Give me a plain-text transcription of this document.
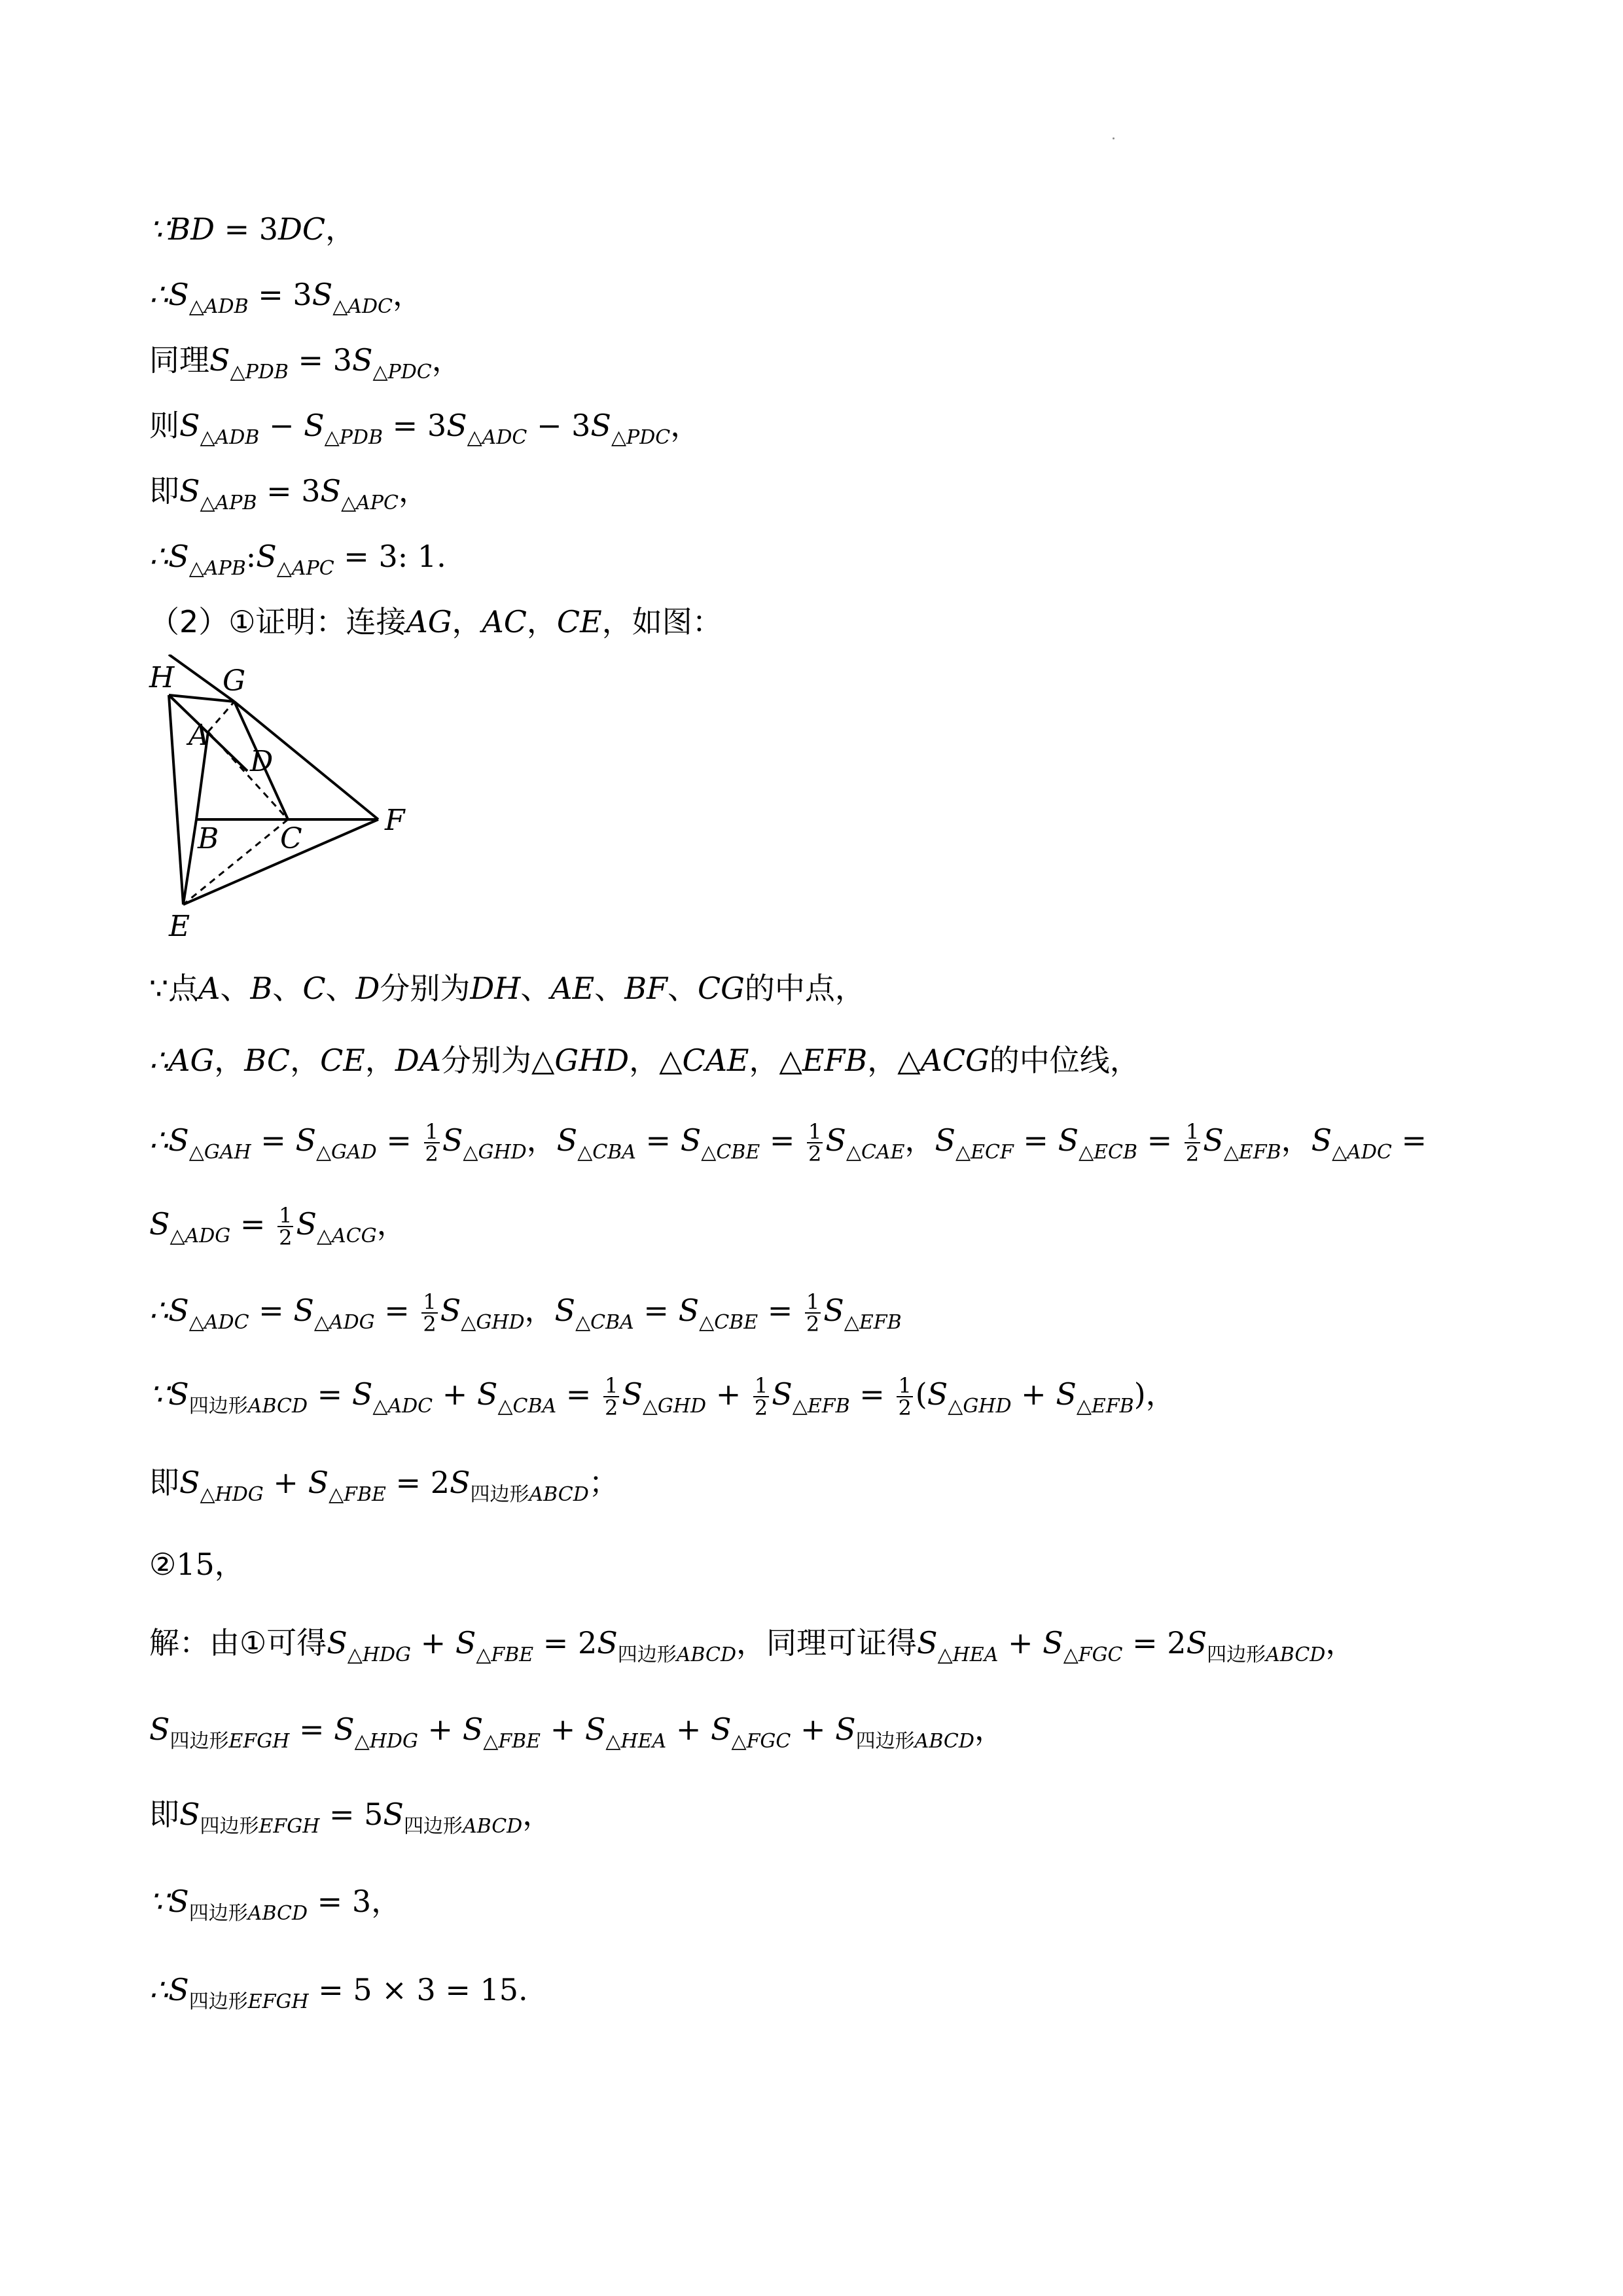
∵BD = 3DC，
$\therefore S_{\triangle ADB} = 3S_{\triangle ADC}$，
同理$S_{\triangle PDB} = 3S_{\triangle PDC}$，
则$S_{\triangle ADB} - S_{\triangle PDB} = 3S_{\triangle ADC} - 3S_{\triangle PDC}$，
即$S_{\triangle APB} = 3S_{\triangle APC}$，
$\therefore S_{\triangle APB}:S_{\triangle APC} = 3$: 1.
（2）①证明：连接AG，AC，CE，如图：
H G
A
D
B C
F
E
∵点A、B、C、D分别为DH、AE、BF、CG的中点，
∴AG，BC，CE，DA分别为△GHD，△CAE，△EFB，△ACG的中位线，
$\therefore S_{\triangle GAH} = S_{\triangle GAD} = \frac{1}{2} S_{\triangle GHD}$，$S_{\triangle CBA} = S_{\triangle CBE} = \frac{1}{2} S_{\triangle CAE}$，$S_{\triangle ECF} = S_{\triangle ECB} = \frac{1}{2} S_{\triangle EFB}$，$S_{\triangle ADC}$ =
$S_{\triangle ADG} = \frac{1}{2} S_{\triangle ACG}$，
$\therefore S_{\triangle ADC} = S_{\triangle ADG} = \frac{1}{2} S_{\triangle GHD}$，$S_{\triangle CBA} = S_{\triangle CBE} = \frac{1}{2} S_{\triangle EFB}$
$\because S_{四边形ABCD} = S_{\triangle ADC} + S_{\triangle CBA} = \frac{1}{2} S_{\triangle GHD} + \frac{1}{2} S_{\triangle EFB} = \frac{1}{2} (S_{\triangle GHD} + S_{\triangle EFB})$，
即$S_{\triangle HDG} + S_{\triangle FBE} = 2S_{四边形ABCD}$；
②15，
解：由①可得$S_{\triangle HDG} + S_{\triangle FBE} = 2S_{四边形ABCD}$，同理可证得$S_{\triangle HEA} + S_{\triangle FGC} = 2S_{四边形ABCD}$，
$S_{四边形EFGH} = S_{\triangle HDG} + S_{\triangle FBE} + S_{\triangle HEA} + S_{\triangle FGC} + S_{四边形ABCD}$，
即$S_{四边形EFGH} = 5S_{四边形ABCD}$，
$\because S_{四边形ABCD} = 3$，
$\therefore S_{四边形EFGH} = 5 \times 3 = 15$.
